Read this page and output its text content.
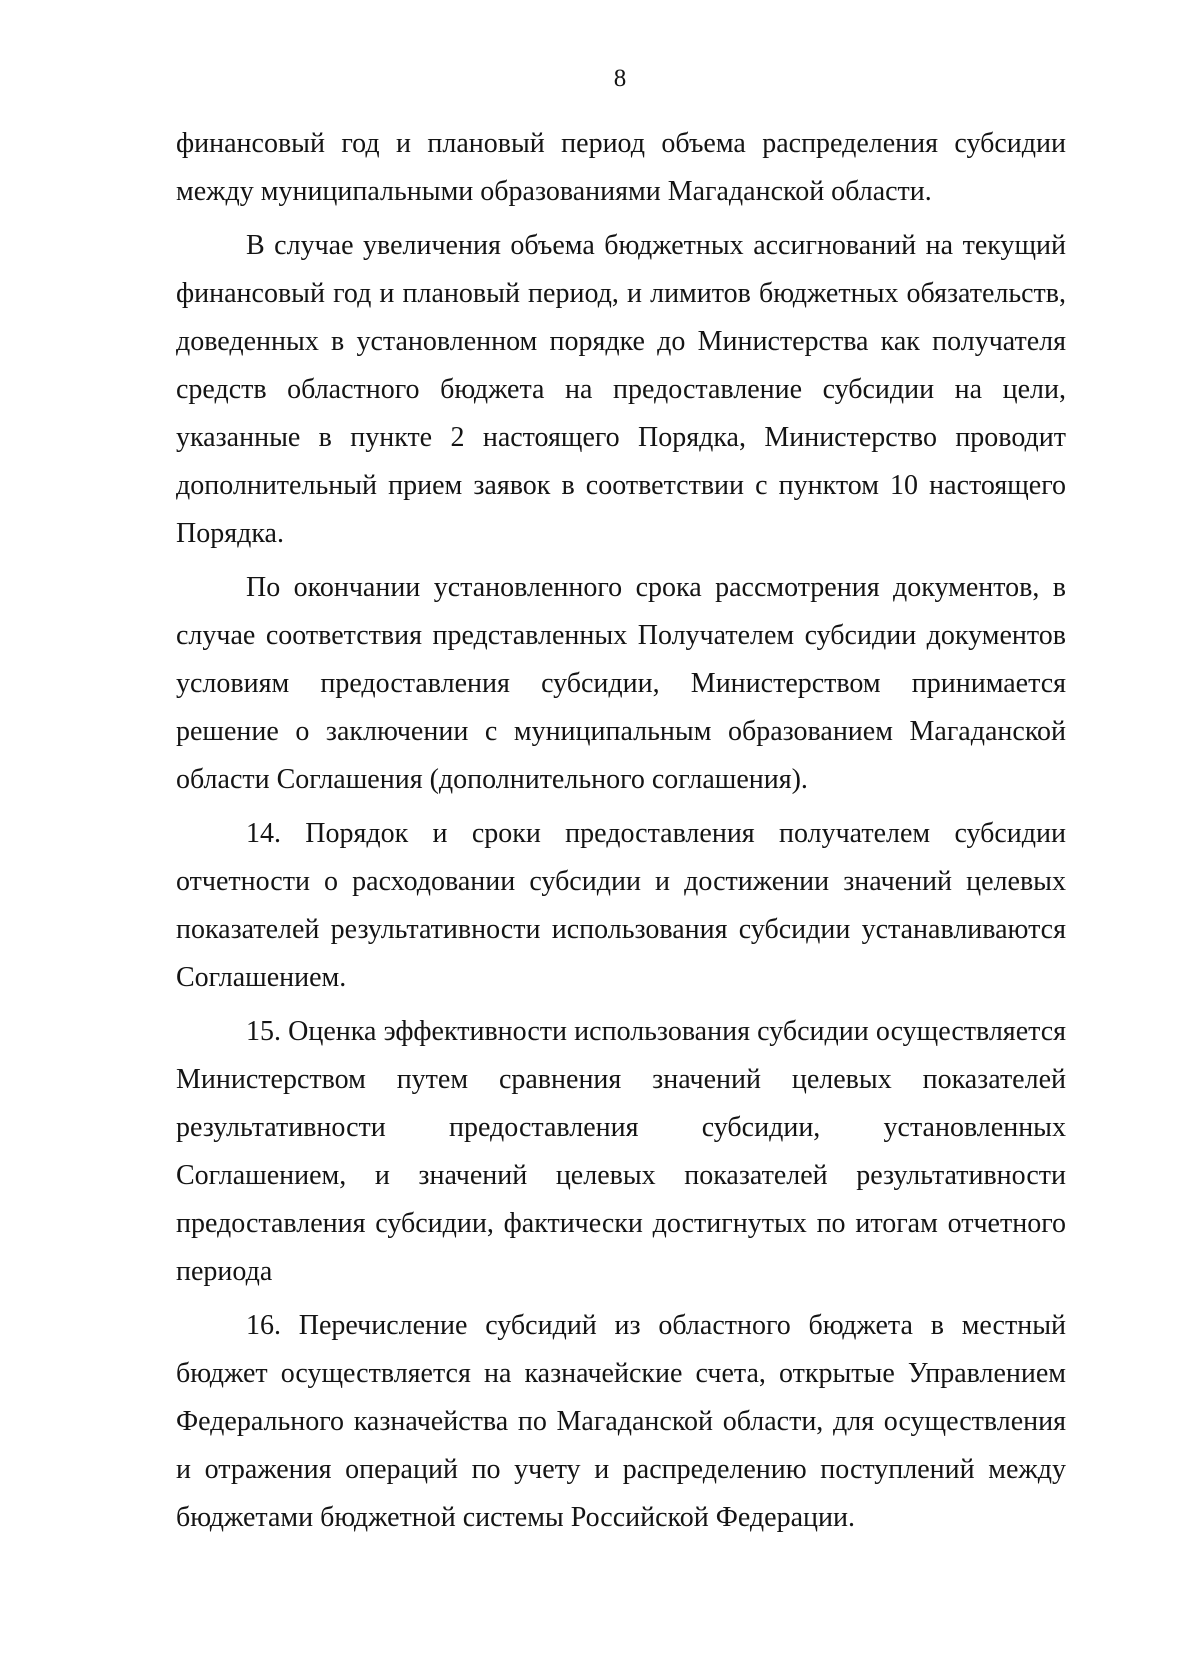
8

финансовый год и плановый период объема распределения субсидии между муниципальными образованиями Магаданской области.

В случае увеличения объема бюджетных ассигнований на текущий финансовый год и плановый период, и лимитов бюджетных обязательств, доведенных в установленном порядке до Министерства как получателя средств областного бюджета на предоставление субсидии на цели, указанные в пункте 2 настоящего Порядка, Министерство проводит дополнительный прием заявок в соответствии с пунктом 10 настоящего Порядка.

По окончании установленного срока рассмотрения документов, в случае соответствия представленных Получателем субсидии документов условиям предоставления субсидии, Министерством принимается решение о заключении с муниципальным образованием Магаданской области Соглашения (дополнительного соглашения).

14. Порядок и сроки предоставления получателем субсидии отчетности о расходовании субсидии и достижении значений целевых показателей результативности использования субсидии устанавливаются Соглашением.

15. Оценка эффективности использования субсидии осуществляется Министерством путем сравнения значений целевых показателей результативности предоставления субсидии, установленных Соглашением, и значений целевых показателей результативности предоставления субсидии, фактически достигнутых по итогам отчетного периода

16. Перечисление субсидий из областного бюджета в местный бюджет осуществляется на казначейские счета, открытые Управлением Федерального казначейства по Магаданской области, для осуществления и отражения операций по учету и распределению поступлений между бюджетами бюджетной системы Российской Федерации.
